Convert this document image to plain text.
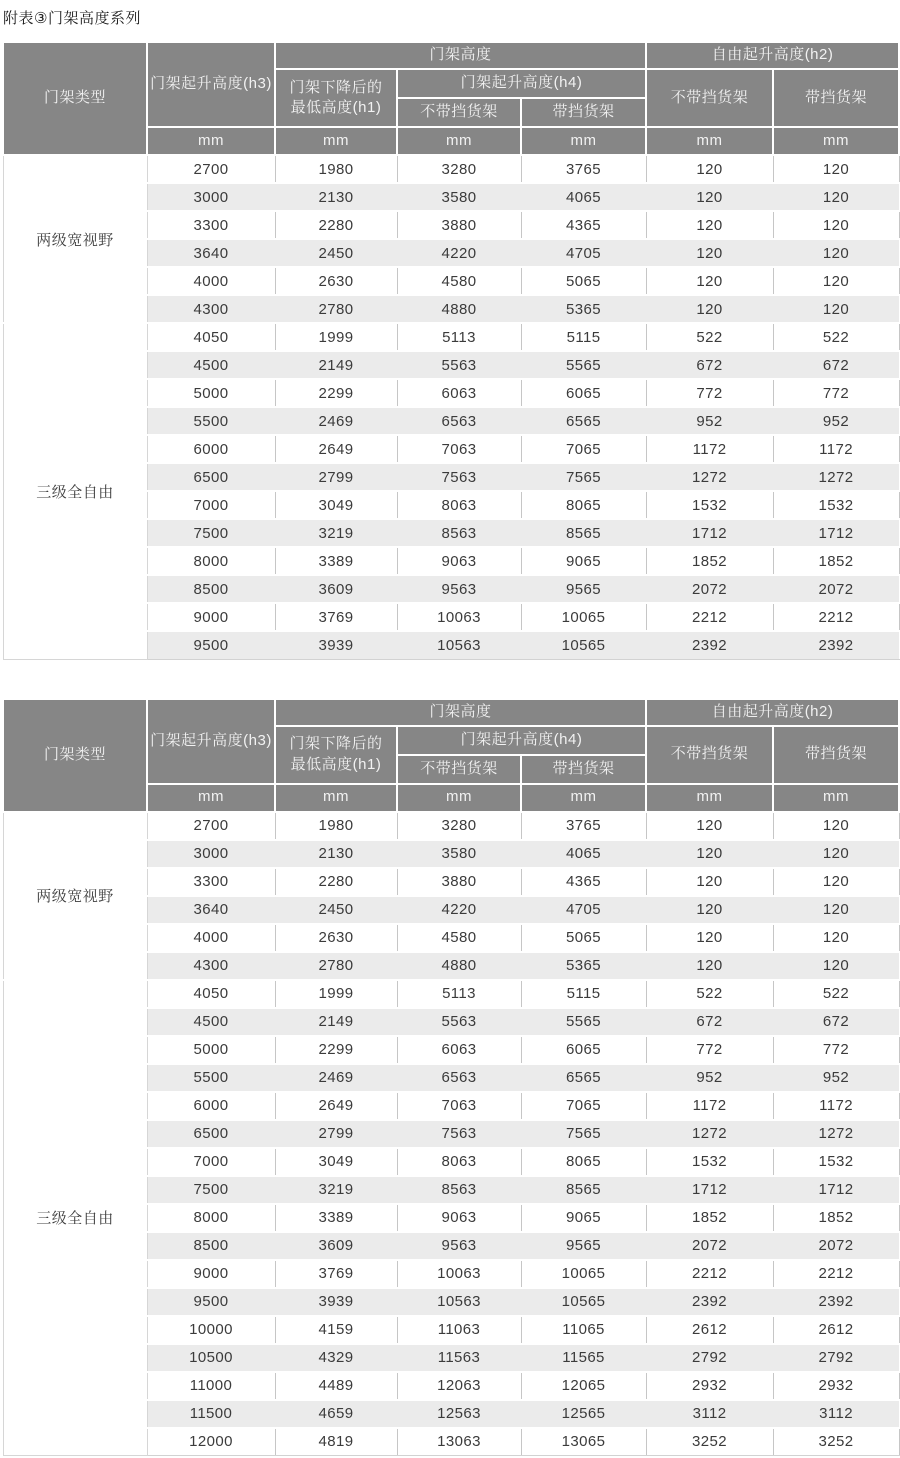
附表③门架高度系列
门架类型	门架起升高度(h3)	门架高度			自由起升高度(h2)	
		门架下降后的最低高度(h1)	门架起升高度(h4)		不带挡货架	带挡货架
			不带挡货架	带挡货架		
	mm	mm	mm	mm	mm	mm
两级宽视野	2700	1980	3280	3765	120	120
	3000	2130	3580	4065	120	120
	3300	2280	3880	4365	120	120
	3640	2450	4220	4705	120	120
	4000	2630	4580	5065	120	120
	4300	2780	4880	5365	120	120
三级全自由	4050	1999	5113	5115	522	522
	4500	2149	5563	5565	672	672
	5000	2299	6063	6065	772	772
	5500	2469	6563	6565	952	952
	6000	2649	7063	7065	1172	1172
	6500	2799	7563	7565	1272	1272
	7000	3049	8063	8065	1532	1532
	7500	3219	8563	8565	1712	1712
	8000	3389	9063	9065	1852	1852
	8500	3609	9563	9565	2072	2072
	9000	3769	10063	10065	2212	2212
	9500	3939	10563	10565	2392	2392
门架类型	门架起升高度(h3)	门架高度			自由起升高度(h2)	
		门架下降后的最低高度(h1)	门架起升高度(h4)		不带挡货架	带挡货架
			不带挡货架	带挡货架		
	mm	mm	mm	mm	mm	mm
两级宽视野	2700	1980	3280	3765	120	120
	3000	2130	3580	4065	120	120
	3300	2280	3880	4365	120	120
	3640	2450	4220	4705	120	120
	4000	2630	4580	5065	120	120
	4300	2780	4880	5365	120	120
三级全自由	4050	1999	5113	5115	522	522
	4500	2149	5563	5565	672	672
	5000	2299	6063	6065	772	772
	5500	2469	6563	6565	952	952
	6000	2649	7063	7065	1172	1172
	6500	2799	7563	7565	1272	1272
	7000	3049	8063	8065	1532	1532
	7500	3219	8563	8565	1712	1712
	8000	3389	9063	9065	1852	1852
	8500	3609	9563	9565	2072	2072
	9000	3769	10063	10065	2212	2212
	9500	3939	10563	10565	2392	2392
	10000	4159	11063	11065	2612	2612
	10500	4329	11563	11565	2792	2792
	11000	4489	12063	12065	2932	2932
	11500	4659	12563	12565	3112	3112
	12000	4819	13063	13065	3252	3252
